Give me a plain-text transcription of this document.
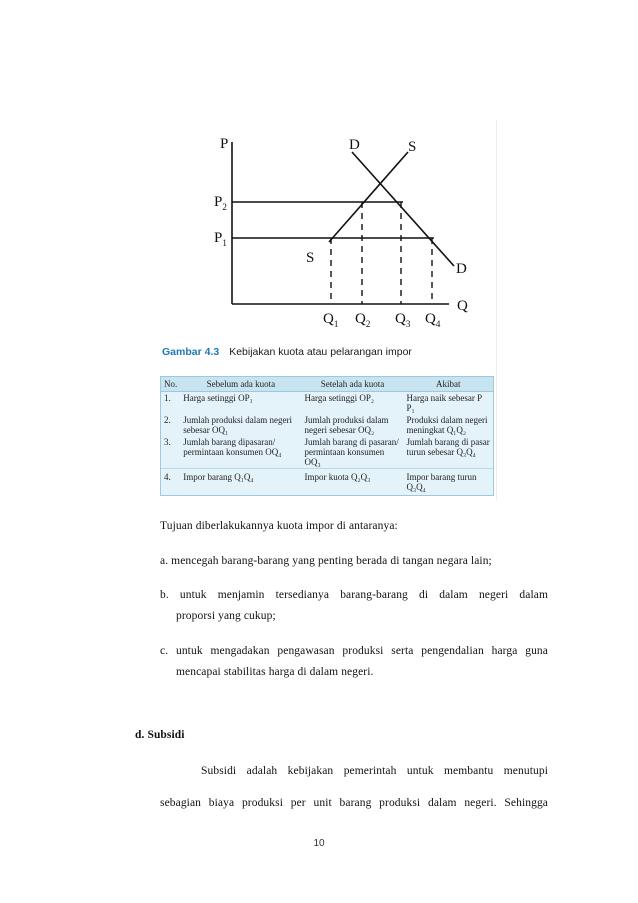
P
Q
D	S
S
D
$P_2$
$P_1$
$Q_1$ $Q_2$ $Q_3$ $Q_4$
Gambar 4.3 Kebijakan kuota atau pelarangan impor
No.	Sebelum ada kuota	Setelah ada kuota	Akibat
1.	Harga setinggi OP₁	Harga setinggi OP₂	Harga naik sebesar P P₁
2.	Jumlah produksi dalam negeri sebesar OQ₁	Jumlah produksi dalam negeri sebesar OQ₂	Produksi dalam negeri meningkat Q₁Q₂
3.	Jumlah barang dipasaran/ permintaan konsumen OQ₄	Jumlah barang di pasaran/ permintaan konsumen OQ₃	Jumlah barang di pasar turun sebesar Q₃Q₄
4.	Impor barang Q₁Q₄	Impor kuota Q₂Q₃	Impor barang turun Q₃Q₄
Tujuan diberlakukannya kuota impor di antaranya:
a. mencegah barang-barang yang penting berada di tangan negara lain;
b. untuk menjamin tersedianya barang-barang di dalam negeri dalam
proporsi yang cukup;
c. untuk mengadakan pengawasan produksi serta pengendalian harga guna
mencapai stabilitas harga di dalam negeri.
d. Subsidi
Subsidi adalah kebijakan pemerintah untuk membantu menutupi
sebagian biaya produksi per unit barang produksi dalam negeri. Sehingga
10
